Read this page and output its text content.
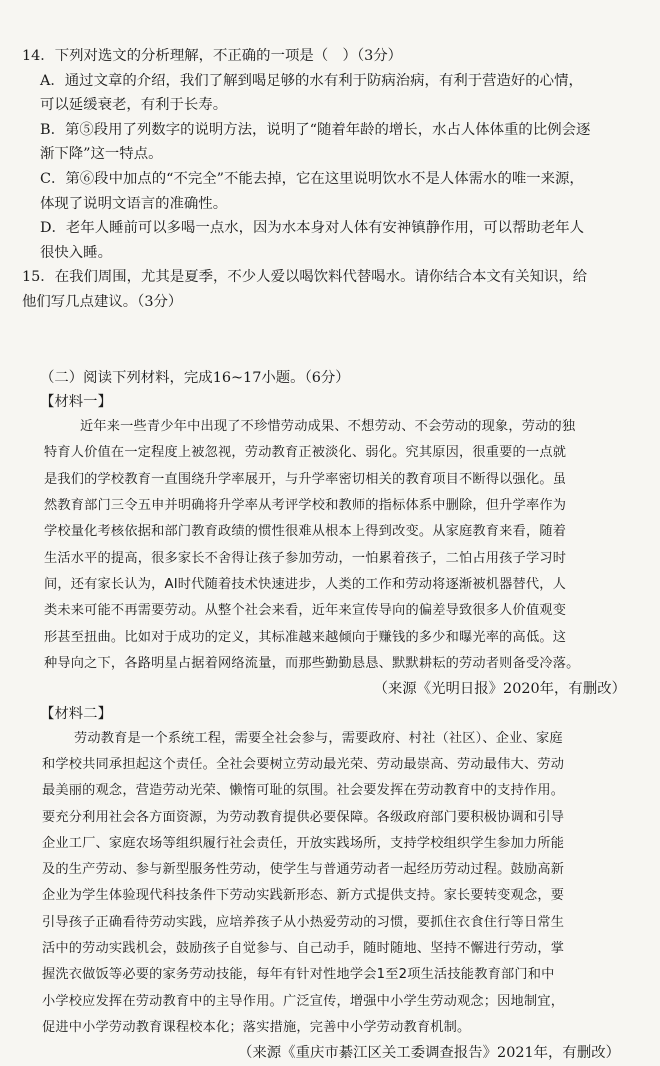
14．下列对选文的分析理解，不正确的一项是（　）（3分）
A．通过文章的介绍，我们了解到喝足够的水有利于防病治病，有利于营造好的心情，
可以延缓衰老，有利于长寿。
B．第⑤段用了列数字的说明方法，说明了“随着年龄的增长，水占人体体重的比例会逐
渐下降”这一特点。
C．第⑥段中加点的“不完全”不能去掉，它在这里说明饮水不是人体需水的唯一来源，
体现了说明文语言的准确性。
D．老年人睡前可以多喝一点水，因为水本身对人体有安神镇静作用，可以帮助老年人
很快入睡。
15．在我们周围，尤其是夏季，不少人爱以喝饮料代替喝水。请你结合本文有关知识，给
他们写几点建议。（3分）
（二）阅读下列材料，完成16~17小题。（6分）
【材料一】
近年来一些青少年中出现了不珍惜劳动成果、不想劳动、不会劳动的现象，劳动的独
特育人价值在一定程度上被忽视，劳动教育正被淡化、弱化。究其原因，很重要的一点就
是我们的学校教育一直围绕升学率展开，与升学率密切相关的教育项目不断得以强化。虽
然教育部门三令五申并明确将升学率从考评学校和教师的指标体系中删除，但升学率作为
学校量化考核依据和部门教育政绩的惯性很难从根本上得到改变。从家庭教育来看，随着
生活水平的提高，很多家长不舍得让孩子参加劳动，一怕累着孩子，二怕占用孩子学习时
间，还有家长认为，AI时代随着技术快速进步，人类的工作和劳动将逐渐被机器替代，人
类未来可能不再需要劳动。从整个社会来看，近年来宣传导向的偏差导致很多人价值观变
形甚至扭曲。比如对于成功的定义，其标准越来越倾向于赚钱的多少和曝光率的高低。这
种导向之下，各路明星占据着网络流量，而那些勤勤恳恳、默默耕耘的劳动者则备受冷落。
（来源《光明日报》2020年，有删改）
【材料二】
劳动教育是一个系统工程，需要全社会参与，需要政府、村社（社区）、企业、家庭
和学校共同承担起这个责任。全社会要树立劳动最光荣、劳动最崇高、劳动最伟大、劳动
最美丽的观念，营造劳动光荣、懒惰可耻的氛围。社会要发挥在劳动教育中的支持作用。
要充分利用社会各方面资源，为劳动教育提供必要保障。各级政府部门要积极协调和引导
企业工厂、家庭农场等组织履行社会责任，开放实践场所，支持学校组织学生参加力所能
及的生产劳动、参与新型服务性劳动，使学生与普通劳动者一起经历劳动过程。鼓励高新
企业为学生体验现代科技条件下劳动实践新形态、新方式提供支持。家长要转变观念，要
引导孩子正确看待劳动实践，应培养孩子从小热爱劳动的习惯，要抓住衣食住行等日常生
活中的劳动实践机会，鼓励孩子自觉参与、自己动手，随时随地、坚持不懈进行劳动，掌
握洗衣做饭等必要的家务劳动技能，每年有针对性地学会1至2项生活技能教育部门和中
小学校应发挥在劳动教育中的主导作用。广泛宣传，增强中小学生劳动观念；因地制宜，
促进中小学劳动教育课程校本化；落实措施，完善中小学劳动教育机制。
（来源《重庆市綦江区关工委调查报告》2021年，有删改）
